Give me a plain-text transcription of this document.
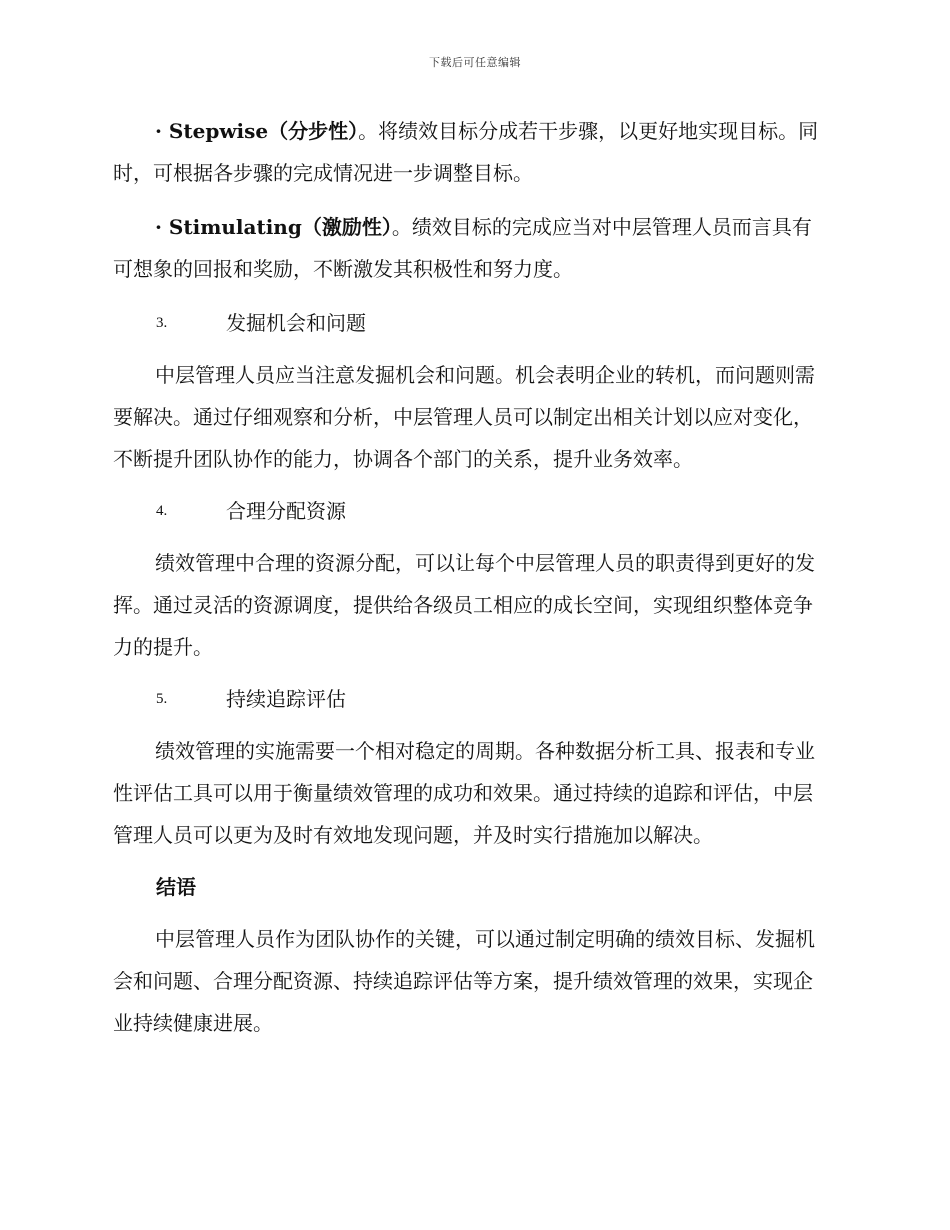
下载后可任意编辑

· Stepwise（分步性）。将绩效目标分成若干步骤，以更好地实现目标。同时，可根据各步骤的完成情况进一步调整目标。

· Stimulating（激励性）。绩效目标的完成应当对中层管理人员而言具有可想象的回报和奖励，不断激发其积极性和努力度。

3.	发掘机会和问题

中层管理人员应当注意发掘机会和问题。机会表明企业的转机，而问题则需要解决。通过仔细观察和分析，中层管理人员可以制定出相关计划以应对变化，不断提升团队协作的能力，协调各个部门的关系，提升业务效率。

4.	合理分配资源

绩效管理中合理的资源分配，可以让每个中层管理人员的职责得到更好的发挥。通过灵活的资源调度，提供给各级员工相应的成长空间，实现组织整体竞争力的提升。

5.	持续追踪评估

绩效管理的实施需要一个相对稳定的周期。各种数据分析工具、报表和专业性评估工具可以用于衡量绩效管理的成功和效果。通过持续的追踪和评估，中层管理人员可以更为及时有效地发现问题，并及时实行措施加以解决。

结语

中层管理人员作为团队协作的关键，可以通过制定明确的绩效目标、发掘机会和问题、合理分配资源、持续追踪评估等方案，提升绩效管理的效果，实现企业持续健康进展。
